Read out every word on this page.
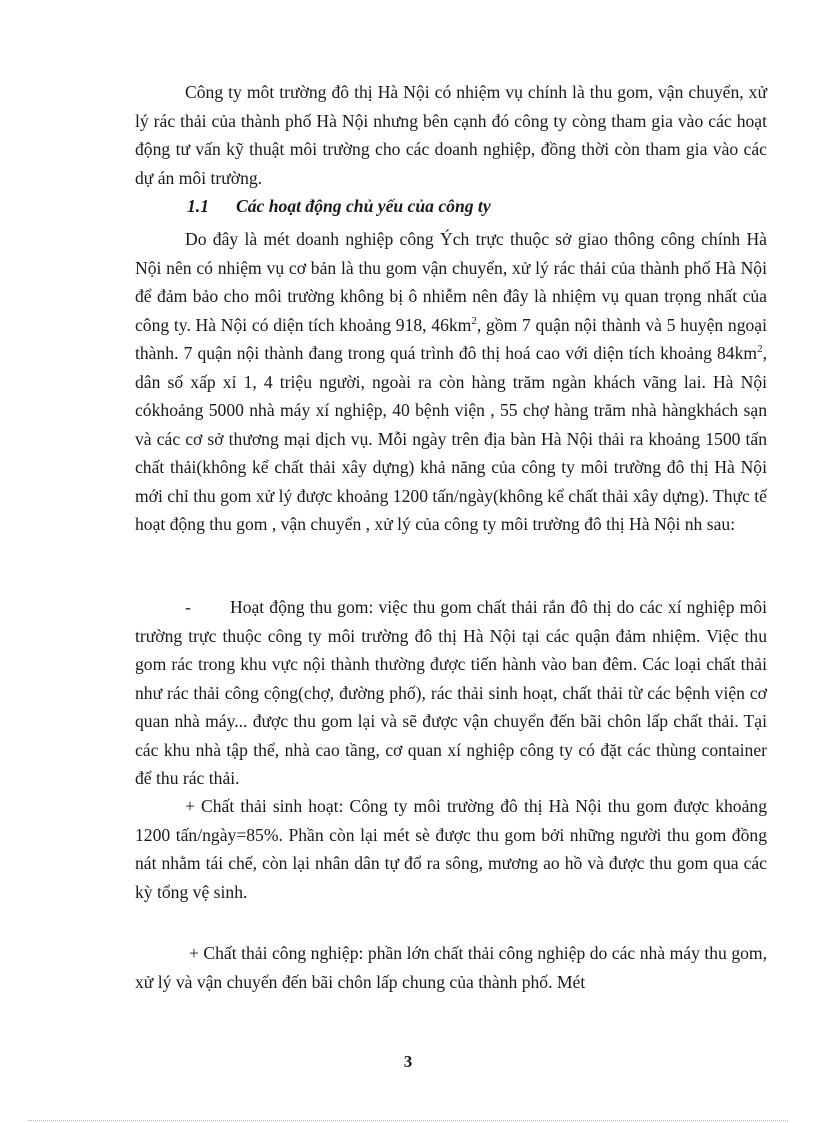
Công ty môt trường đô thị Hà Nội có nhiệm vụ chính là thu gom, vận chuyển, xử lý rác thải của thành phố Hà Nội nhưng bên cạnh đó công ty còng tham gia vào các hoạt động tư vấn kỹ thuật môi trường cho các doanh nghiệp, đồng thời còn tham gia vào các dự án môi trường.

1.1 Các hoạt động chủ yếu của công ty

Do đây là mét doanh nghiệp công Ých trực thuộc sở giao thông công chính Hà Nội nên có nhiệm vụ cơ bản là thu gom vận chuyển, xử lý rác thải của thành phố Hà Nội để đảm bảo cho môi trường không bị ô nhiễm nên đây là nhiệm vụ quan trọng nhất của công ty. Hà Nội có diện tích khoảng 918, $46km^2$, gồm 7 quận nội thành và 5 huyện ngoại thành. 7 quận nội thành đang trong quá trình đô thị hoá cao với diện tích khoảng $84km^2$, dân số xấp xỉ 1, 4 triệu người, ngoài ra còn hàng trăm ngàn khách vãng lai. Hà Nội cókhoảng 5000 nhà máy xí nghiệp, 40 bệnh viện , 55 chợ hàng trăm nhà hàngkhách sạn và các cơ sở thương mại dịch vụ. Mỗi ngày trên địa bàn Hà Nội thải ra khoảng 1500 tấn chất thải(không kể chất thải xây dựng) khả năng của công ty môi trường đô thị Hà Nội mới chỉ thu gom xử lý được khoảng 1200 tấn/ngày(không kể chất thải xây dựng). Thực tế hoạt động thu gom , vận chuyển , xử lý của công ty môi trường đô thị Hà Nội nh sau:

- Hoạt động thu gom: việc thu gom chất thải rắn đô thị do các xí nghiệp môi trường trực thuộc công ty môi trường đô thị Hà Nội tại các quận đảm nhiệm. Việc thu gom rác trong khu vực nội thành thường được tiến hành vào ban đêm. Các loại chất thải như rác thải công cộng(chợ, đường phố), rác thải sinh hoạt, chất thải từ các bệnh viện cơ quan nhà máy... được thu gom lại và sẽ được vận chuyển đến bãi chôn lấp chất thải. Tại các khu nhà tập thể, nhà cao tầng, cơ quan xí nghiệp công ty có đặt các thùng container để thu rác thải.

+ Chất thải sinh hoạt: Công ty môi trường đô thị Hà Nội thu gom được khoảng 1200 tấn/ngày=85%. Phần còn lại mét sè được thu gom bởi những người thu gom đồng nát nhằm tái chế, còn lại nhân dân tự đổ ra sông, mương ao hồ và được thu gom qua các kỳ tổng vệ sinh.

+ Chất thải công nghiệp: phần lớn chất thải công nghiệp do các nhà máy thu gom, xử lý và vận chuyển đến bãi chôn lấp chung của thành phố. Mét

3
